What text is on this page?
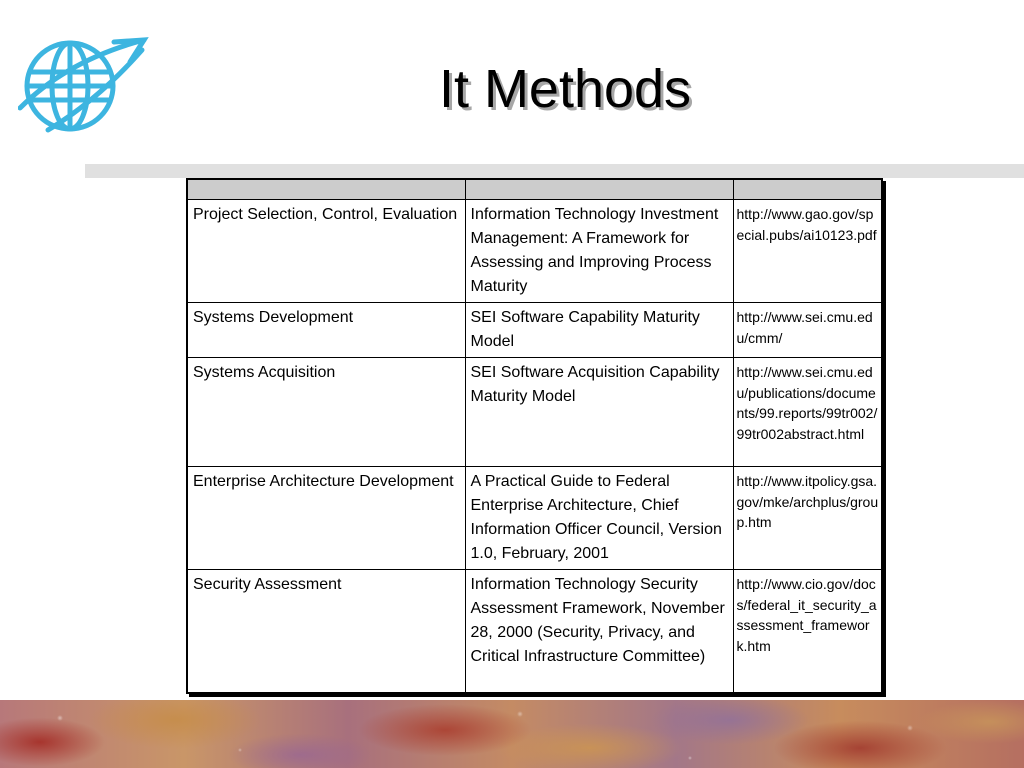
It Methods

Project Selection, Control, Evaluation	Information Technology Investment Management: A Framework for Assessing and Improving Process Maturity	http://www.gao.gov/special.pubs/ai10123.pdf
Systems Development	SEI Software Capability Maturity Model	http://www.sei.cmu.edu/cmm/
Systems Acquisition	SEI Software Acquisition Capability Maturity Model	http://www.sei.cmu.edu/publications/documents/99.reports/99tr002/99tr002abstract.html
Enterprise Architecture Development	A Practical Guide to Federal Enterprise Architecture, Chief Information Officer Council, Version 1.0, February, 2001	http://www.itpolicy.gsa.gov/mke/archplus/group.htm
Security Assessment	Information Technology Security Assessment Framework, November 28, 2000 (Security, Privacy, and Critical Infrastructure Committee)	http://www.cio.gov/docs/federal_it_security_assessment_framework.htm
